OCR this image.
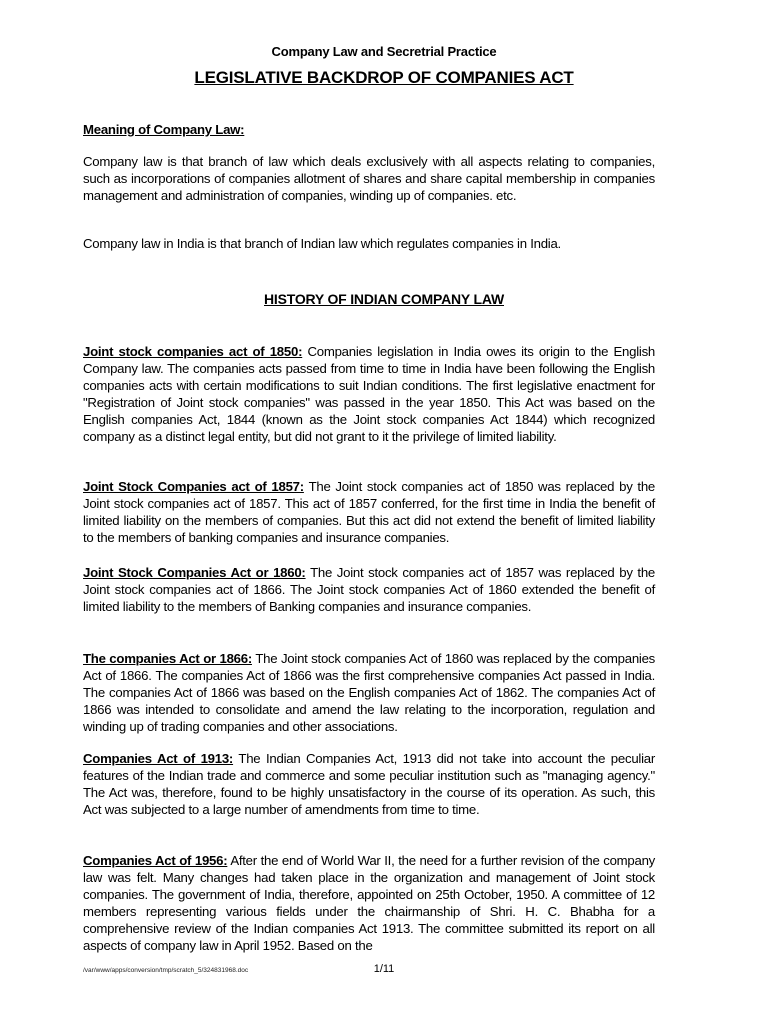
Company Law and Secretrial Practice
LEGISLATIVE BACKDROP OF COMPANIES ACT

Meaning of Company Law:

Company law is that branch of law which deals exclusively with all aspects relating to companies, such as incorporations of companies allotment of shares and share capital membership in companies management and administration of companies, winding up of companies. etc.

Company law in India is that branch of Indian law which regulates companies in India.

HISTORY OF INDIAN COMPANY LAW

Joint stock companies act of 1850: Companies legislation in India owes its origin to the English Company law. The companies acts passed from time to time in India have been following the English companies acts with certain modifications to suit Indian conditions. The first legislative enactment for "Registration of Joint stock companies" was passed in the year 1850. This Act was based on the English companies Act, 1844 (known as the Joint stock companies Act 1844) which recognized company as a distinct legal entity, but did not grant to it the privilege of limited liability.

Joint Stock Companies act of 1857: The Joint stock companies act of 1850 was replaced by the Joint stock companies act of 1857. This act of 1857 conferred, for the first time in India the benefit of limited liability on the members of companies. But this act did not extend the benefit of limited liability to the members of banking companies and insurance companies.

Joint Stock Companies Act or 1860: The Joint stock companies act of 1857 was replaced by the Joint stock companies act of 1866. The Joint stock companies Act of 1860 extended the benefit of limited liability to the members of Banking companies and insurance companies.

The companies Act or 1866: The Joint stock companies Act of 1860 was replaced by the companies Act of 1866. The companies Act of 1866 was the first comprehensive companies Act passed in India. The companies Act of 1866 was based on the English companies Act of 1862. The companies Act of 1866 was intended to consolidate and amend the law relating to the incorporation, regulation and winding up of trading companies and other associations.

Companies Act of 1913: The Indian Companies Act, 1913 did not take into account the peculiar features of the Indian trade and commerce and some peculiar institution such as "managing agency." The Act was, therefore, found to be highly unsatisfactory in the course of its operation. As such, this Act was subjected to a large number of amendments from time to time.

Companies Act of 1956: After the end of World War II, the need for a further revision of the company law was felt. Many changes had taken place in the organization and management of Joint stock companies. The government of India, therefore, appointed on 25th October, 1950. A committee of 12 members representing various fields under the chairmanship of Shri. H. C. Bhabha for a comprehensive review of the Indian companies Act 1913. The committee submitted its report on all aspects of company law in April 1952. Based on the

/var/www/apps/conversion/tmp/scratch_5/324831968.doc	1/11
